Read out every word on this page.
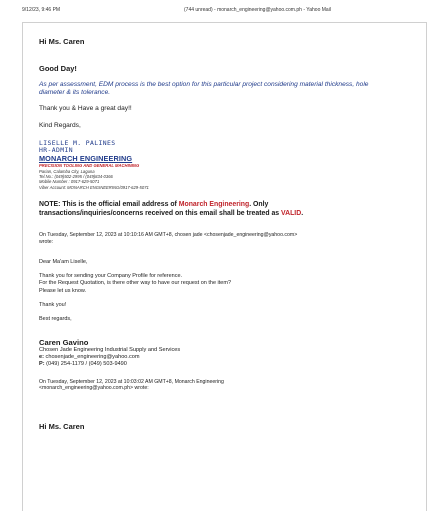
9/12/23, 9:46 PM	(744 unread) - monarch_engineering@yahoo.com.ph - Yahoo Mail

Hi Ms. Caren

Good Day!

As per assessment, EDM process is the best option for this particular project considering material thickness, hole diameter & its tolerance.

Thank you & Have a great day!!

Kind Regards,

LISELLE M. PALINES
HR-ADMIN
MONARCH ENGINEERING
PRECISION TOOLING AND GENERAL MACHINING
Parian, Calamba City, Laguna
Tel.No.: (049)502-2995 / (049)834-0366
Mobile Number : 0917-629-5071
Viber Account: MONARCH ENGINEERING/0917-629-5071

NOTE: This is the official email address of Monarch Engineering. Only transactions/inquiries/concerns received on this email shall be treated as VALID.

On Tuesday, September 12, 2023 at 10:10:16 AM GMT+8, chosen jade <chosenjade_engineering@yahoo.com>

wrote:

Dear Ma'am Liselle,

Thank you for sending your Company Profile for reference.

For the Request Quotation, is there other way to have our request on the item?

Please let us know.

Thank you!

Best regards,

Caren Gavino

Chosen Jade Engineering Industrial Supply and Services

e: chosenjade_engineering@yahoo.com

P: (049) 254-1179 / (049) 503-9490

On Tuesday, September 12, 2023 at 10:03:02 AM GMT+8, Monarch Engineering

<monarch_engineering@yahoo.com.ph> wrote:

Hi Ms. Caren
